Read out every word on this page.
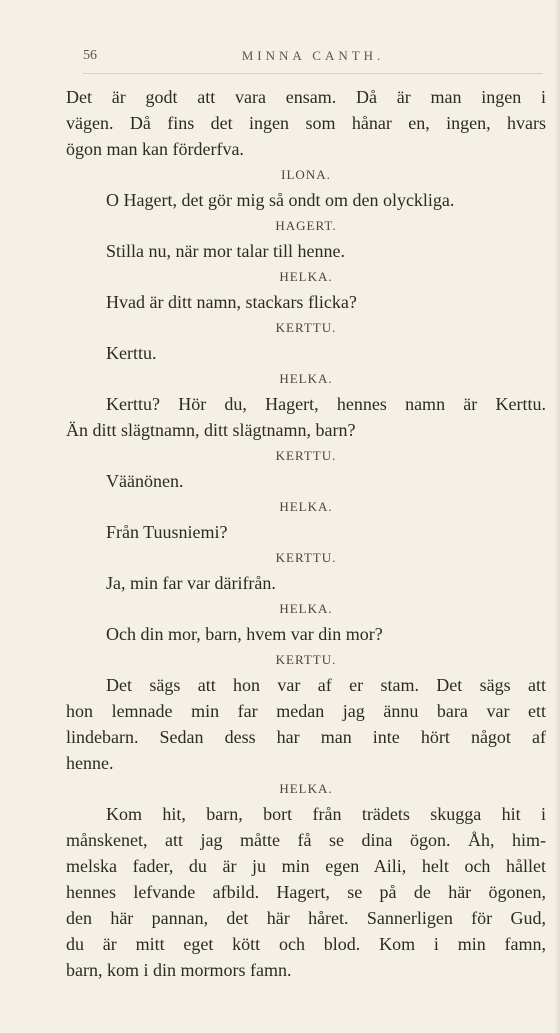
56	MINNA CANTH.
Det är godt att vara ensam. Då är man ingen i
vägen. Då fins det ingen som hånar en, ingen, hvars
ögon man kan förderfva.
ILONA.
O Hagert, det gör mig så ondt om den olyckliga.
HAGERT.
Stilla nu, när mor talar till henne.
HELKA.
Hvad är ditt namn, stackars flicka?
KERTTU.
Kerttu.
HELKA.
Kerttu? Hör du, Hagert, hennes namn är Kerttu.
Än ditt slägtnamn, ditt slägtnamn, barn?
KERTTU.
Väänönen.
HELKA.
Från Tuusniemi?
KERTTU.
Ja, min far var därifrån.
HELKA.
Och din mor, barn, hvem var din mor?
KERTTU.
Det sägs att hon var af er stam. Det sägs att
hon lemnade min far medan jag ännu bara var ett
lindebarn. Sedan dess har man inte hört något af
henne.
HELKA.
Kom hit, barn, bort från trädets skugga hit i
månskenet, att jag måtte få se dina ögon. Åh, him-
melska fader, du är ju min egen Aili, helt och hållet
hennes lefvande afbild. Hagert, se på de här ögonen,
den här pannan, det här håret. Sannerligen för Gud,
du är mitt eget kött och blod. Kom i min famn,
barn, kom i din mormors famn.
